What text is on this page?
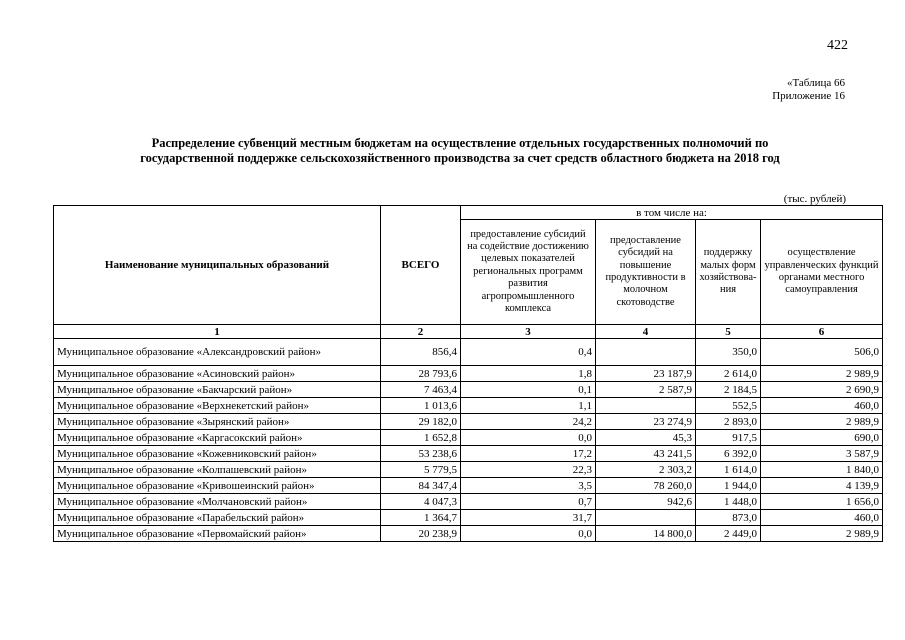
422
«Таблица 66
Приложение 16
Распределение субвенций местным бюджетам на осуществление отдельных государственных полномочий по
государственной поддержке сельскохозяйственного производства за счет средств областного бюджета на 2018 год
(тыс. рублей)
Наименование муниципальных образований	ВСЕГО	в том числе на:			
		предоставление субсидий на содействие достижению целевых показателей региональных программ развития агропромышленного комплекса	предоставление субсидий на повышение продуктивности в молочном скотоводстве	поддержку малых форм хозяйствова-ния	осуществление управленческих функций органами местного самоуправления
1	2	3	4	5	6
Муниципальное образование «Александровский район»	856,4	0,4		350,0	506,0
Муниципальное образование «Асиновский район»	28 793,6	1,8	23 187,9	2 614,0	2 989,9
Муниципальное образование «Бакчарский район»	7 463,4	0,1	2 587,9	2 184,5	2 690,9
Муниципальное образование «Верхнекетский район»	1 013,6	1,1		552,5	460,0
Муниципальное образование «Зырянский район»	29 182,0	24,2	23 274,9	2 893,0	2 989,9
Муниципальное образование «Каргасокский район»	1 652,8	0,0	45,3	917,5	690,0
Муниципальное образование «Кожевниковский район»	53 238,6	17,2	43 241,5	6 392,0	3 587,9
Муниципальное образование «Колпашевский район»	5 779,5	22,3	2 303,2	1 614,0	1 840,0
Муниципальное образование «Кривошеинский район»	84 347,4	3,5	78 260,0	1 944,0	4 139,9
Муниципальное образование «Молчановский район»	4 047,3	0,7	942,6	1 448,0	1 656,0
Муниципальное образование «Парабельский район»	1 364,7	31,7		873,0	460,0
Муниципальное образование «Первомайский район»	20 238,9	0,0	14 800,0	2 449,0	2 989,9
